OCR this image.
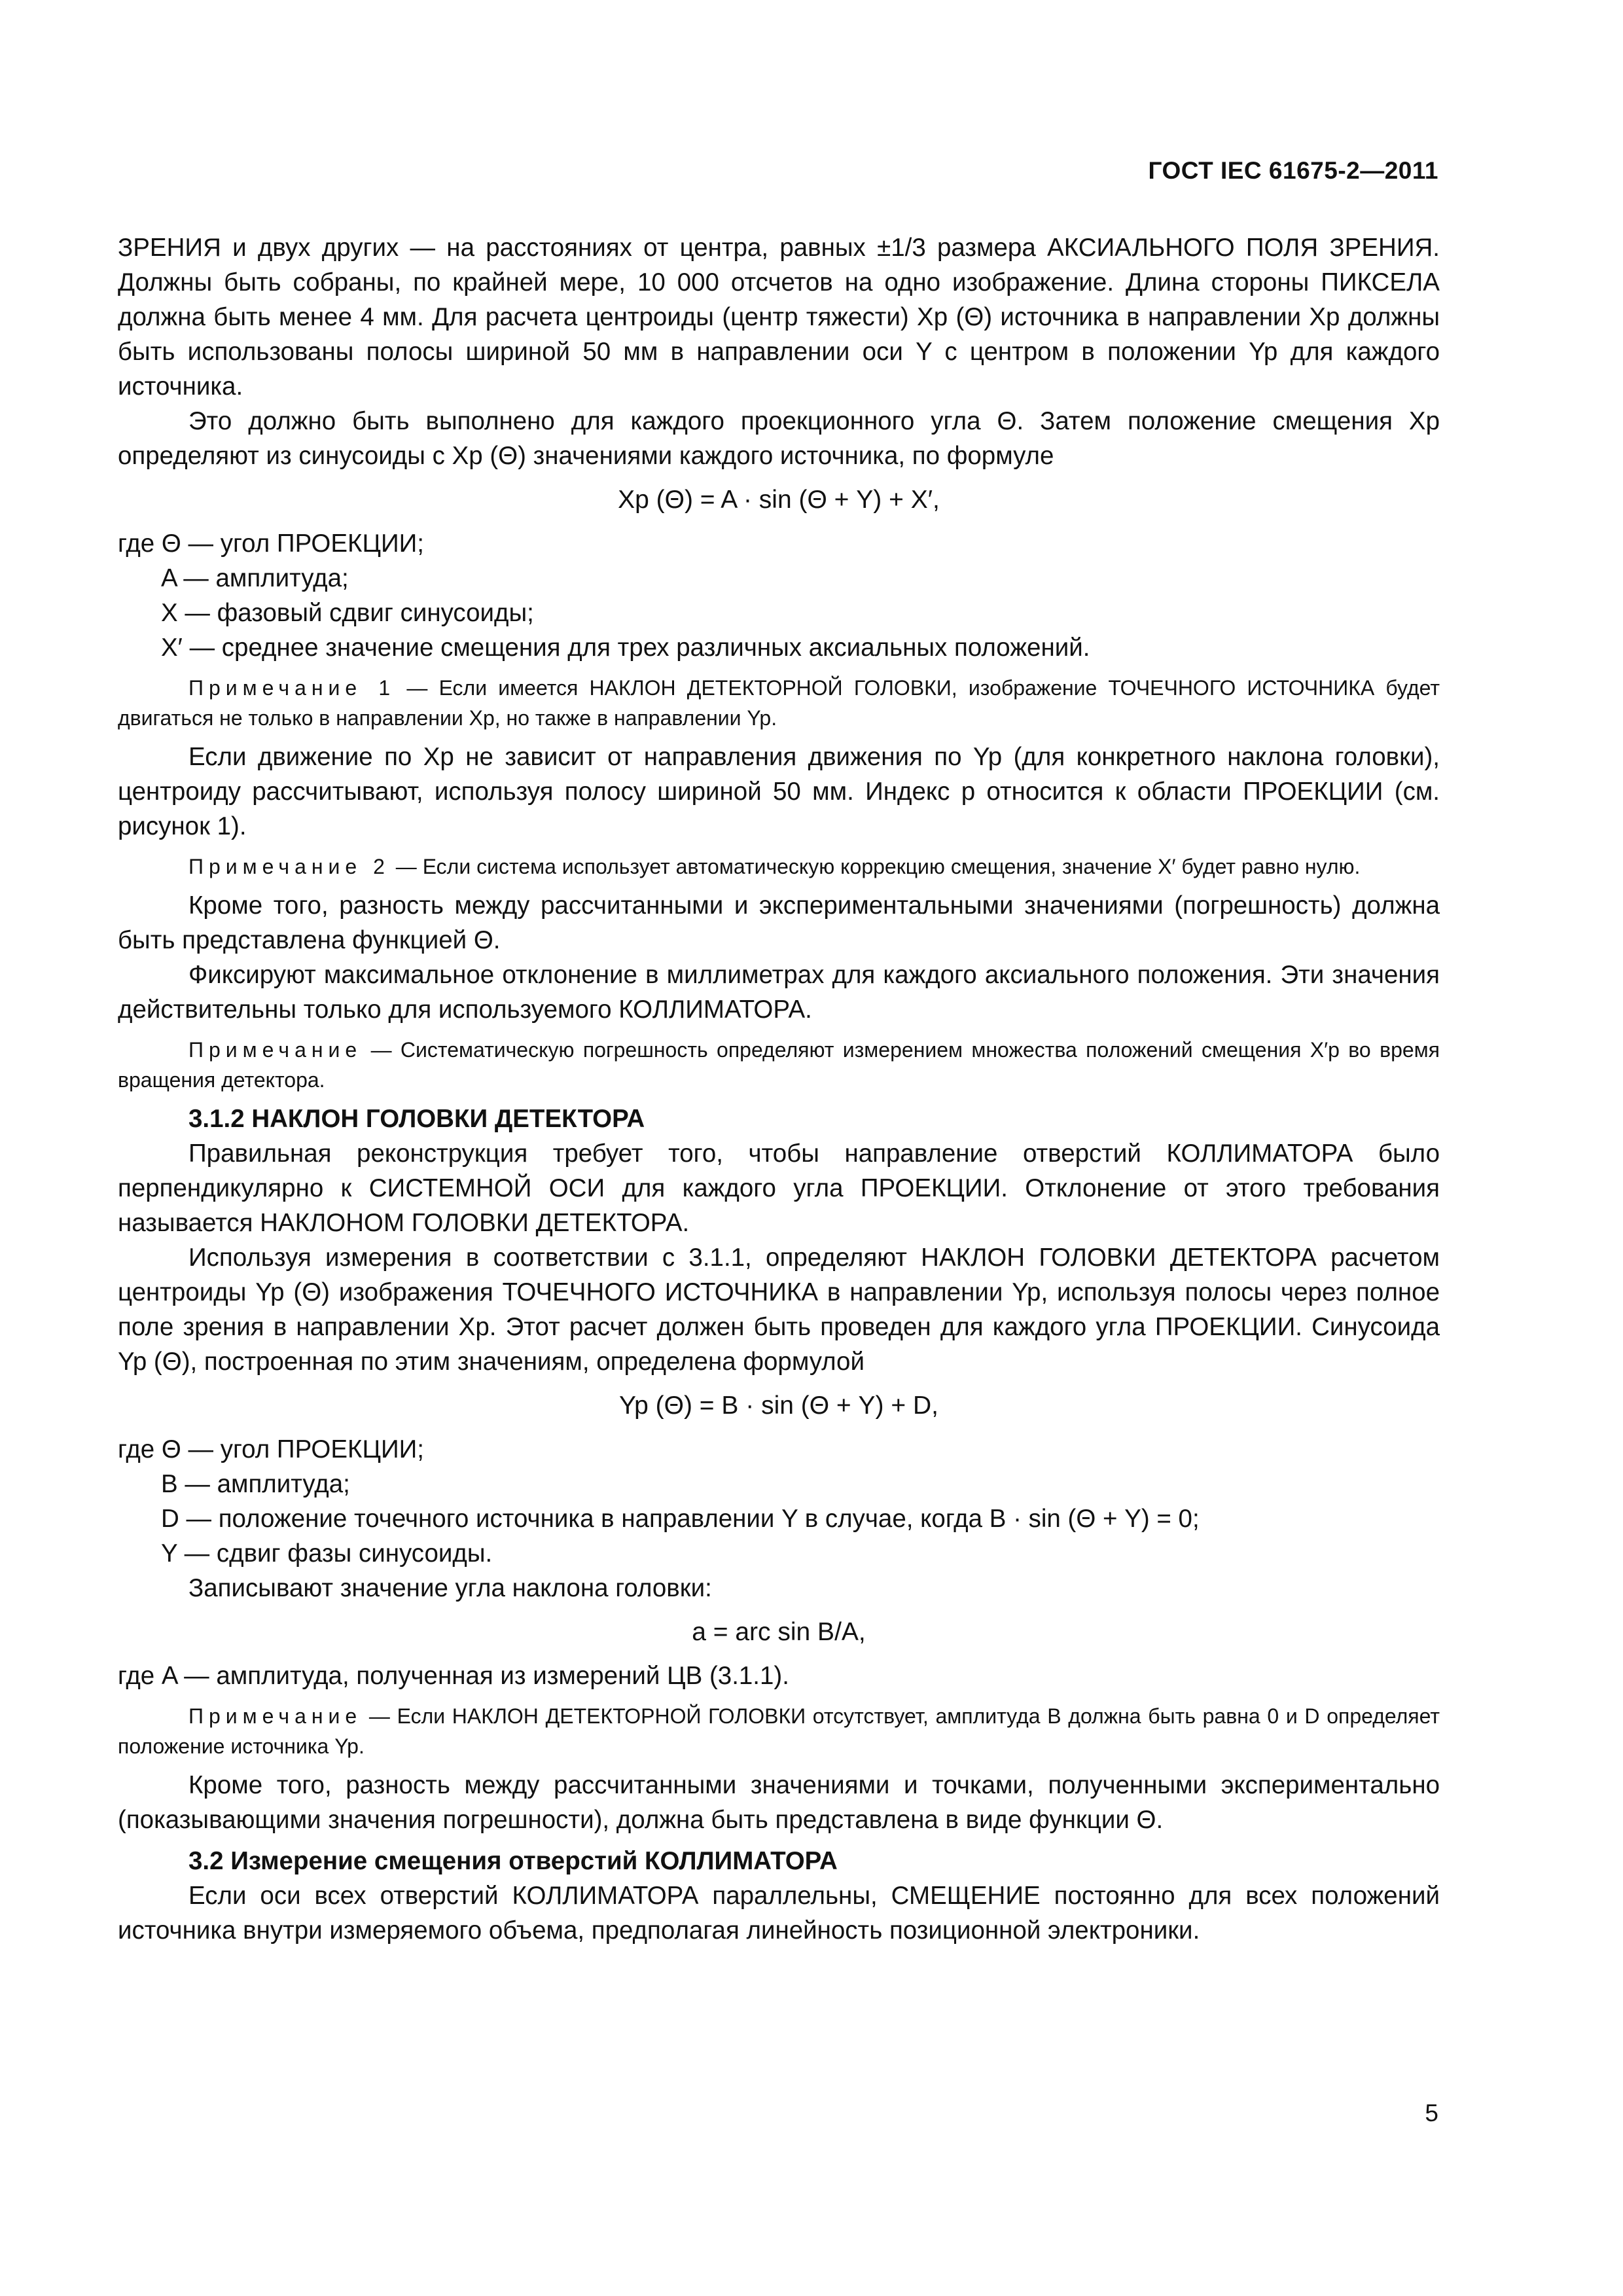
ГОСТ IEC 61675-2—2011

ЗРЕНИЯ и двух других — на расстояниях от центра, равных ±1/3 размера АКСИАЛЬНОГО ПОЛЯ ЗРЕНИЯ. Должны быть собраны, по крайней мере, 10 000 отсчетов на одно изображение. Длина стороны ПИКСЕЛА должна быть менее 4 мм. Для расчета центроиды (центр тяжести) Xp (Θ) источника в направлении Xp должны быть использованы полосы шириной 50 мм в направлении оси Y с центром в положении Yp для каждого источника.

Это должно быть выполнено для каждого проекционного угла Θ. Затем положение смещения Xp определяют из синусоиды с Xp (Θ) значениями каждого источника, по формуле

Xp (Θ) = A · sin (Θ + Y) + X′,

где Θ — угол ПРОЕКЦИИ;

A — амплитуда;

X — фазовый сдвиг синусоиды;

X′ — среднее значение смещения для трех различных аксиальных положений.

Примечание 1 — Если имеется НАКЛОН ДЕТЕКТОРНОЙ ГОЛОВКИ, изображение ТОЧЕЧНОГО ИСТОЧНИКА будет двигаться не только в направлении Xp, но также в направлении Yp.

Если движение по Xp не зависит от направления движения по Yp (для конкретного наклона головки), центроиду рассчитывают, используя полосу шириной 50 мм. Индекс p относится к области ПРОЕКЦИИ (см. рисунок 1).

Примечание 2 — Если система использует автоматическую коррекцию смещения, значение X′ будет равно нулю.

Кроме того, разность между рассчитанными и экспериментальными значениями (погрешность) должна быть представлена функцией Θ.

Фиксируют максимальное отклонение в миллиметрах для каждого аксиального положения. Эти значения действительны только для используемого КОЛЛИМАТОРА.

Примечание — Систематическую погрешность определяют измерением множества положений смещения X′p во время вращения детектора.

3.1.2 НАКЛОН ГОЛОВКИ ДЕТЕКТОРА

Правильная реконструкция требует того, чтобы направление отверстий КОЛЛИМАТОРА было перпендикулярно к СИСТЕМНОЙ ОСИ для каждого угла ПРОЕКЦИИ. Отклонение от этого требования называется НАКЛОНОМ ГОЛОВКИ ДЕТЕКТОРА.

Используя измерения в соответствии с 3.1.1, определяют НАКЛОН ГОЛОВКИ ДЕТЕКТОРА расчетом центроиды Yp (Θ) изображения ТОЧЕЧНОГО ИСТОЧНИКА в направлении Yp, используя полосы через полное поле зрения в направлении Xp. Этот расчет должен быть проведен для каждого угла ПРОЕКЦИИ. Синусоида Yp (Θ), построенная по этим значениям, определена формулой

Yp (Θ) = B · sin (Θ + Y) + D,

где Θ — угол ПРОЕКЦИИ;

B — амплитуда;

D — положение точечного источника в направлении Y в случае, когда B · sin (Θ + Y) = 0;

Y — сдвиг фазы синусоиды.

Записывают значение угла наклона головки:

a = arc sin B/A,

где A — амплитуда, полученная из измерений ЦВ (3.1.1).

Примечание — Если НАКЛОН ДЕТЕКТОРНОЙ ГОЛОВКИ отсутствует, амплитуда B должна быть равна 0 и D определяет положение источника Yp.

Кроме того, разность между рассчитанными значениями и точками, полученными экспериментально (показывающими значения погрешности), должна быть представлена в виде функции Θ.

3.2 Измерение смещения отверстий КОЛЛИМАТОРА

Если оси всех отверстий КОЛЛИМАТОРА параллельны, СМЕЩЕНИЕ постоянно для всех положений источника внутри измеряемого объема, предполагая линейность позиционной электроники.

5
